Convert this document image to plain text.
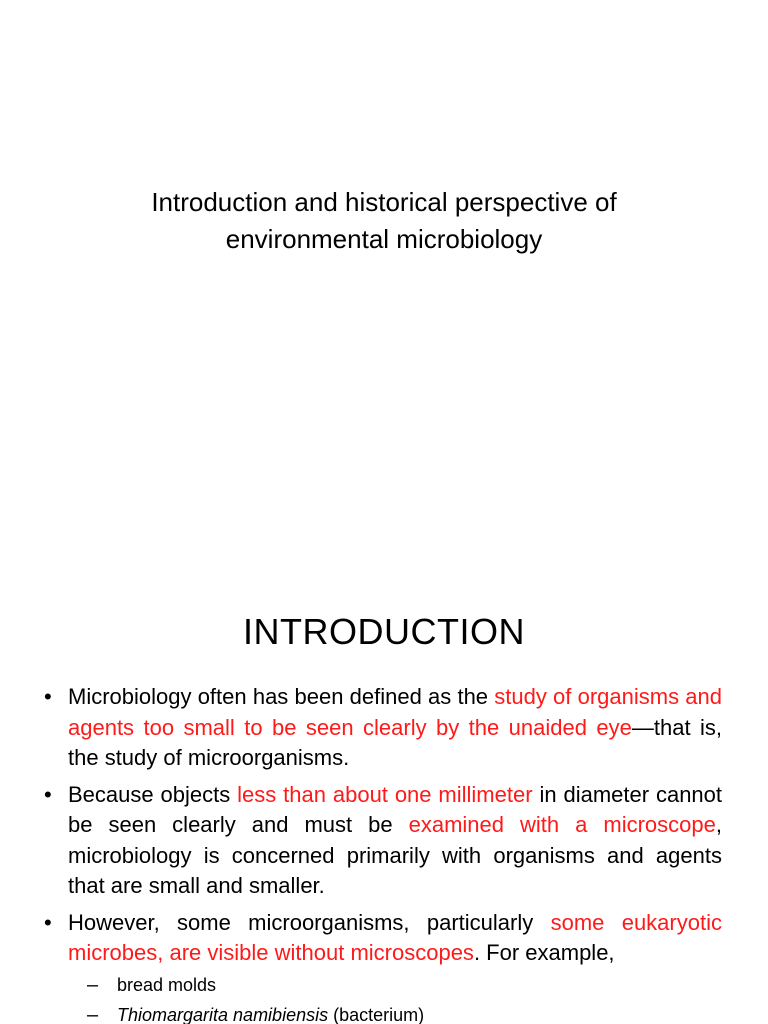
Introduction and historical perspective of
environmental microbiology
INTRODUCTION
• Microbiology often has been defined as the study of organisms and agents too small to be seen clearly by the unaided eye—that is, the study of microorganisms.
• Because objects less than about one millimeter in diameter cannot be seen clearly and must be examined with a microscope, microbiology is concerned primarily with organisms and agents that are small and smaller.
• However, some microorganisms, particularly some eukaryotic microbes, are visible without microscopes. For example,
– bread molds
– Thiomargarita namibiensis (bacterium)
